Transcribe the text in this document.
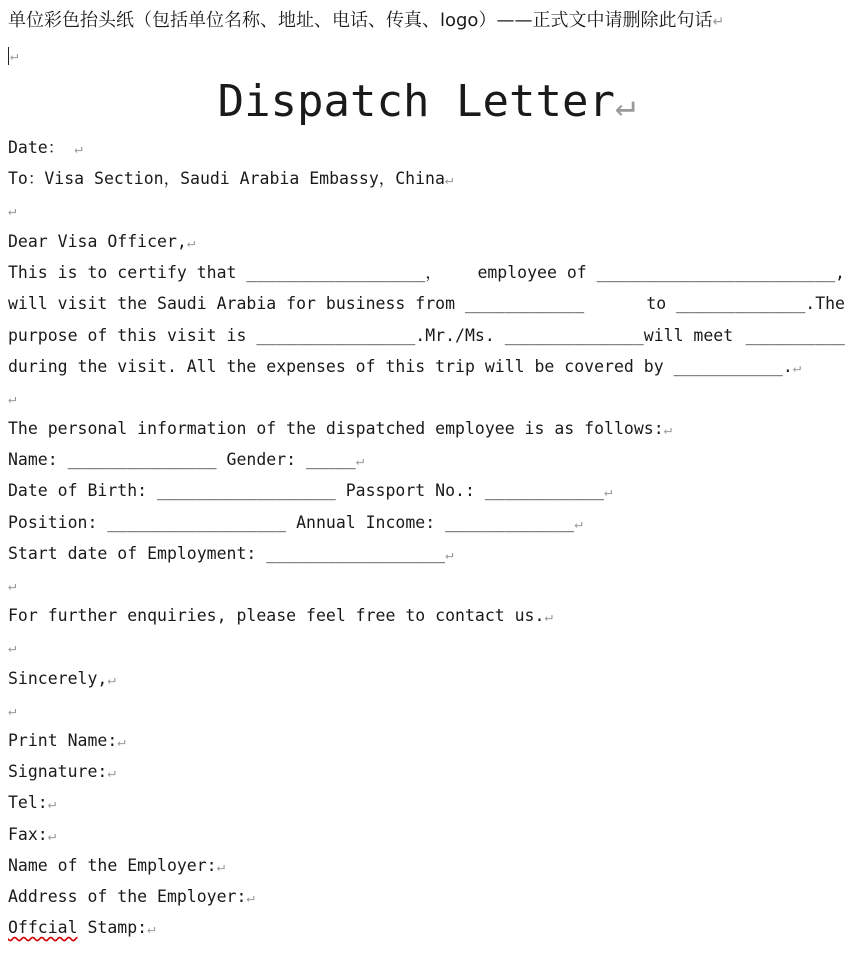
单位彩色抬头纸（包括单位名称、地址、电话、传真、logo）——正式文中请删除此句话↵
↵
Dispatch Letter↵
Date： ↵
To：Visa Section，Saudi Arabia Embassy，China↵
↵
Dear Visa Officer,↵
This is to certify that __________________， employee of ________________________,
will visit the Saudi Arabia for business from ____________	to _____________.The
purpose of this visit is ________________.Mr./Ms. ______________will meet __________
during the visit. All the expenses of this trip will be covered by ___________.↵
↵
The personal information of the dispatched employee is as follows:↵
Name: _______________ Gender: _____↵
Date of Birth: __________________ Passport No.: ____________↵
Position: __________________ Annual Income: _____________↵
Start date of Employment: __________________↵
↵
For further enquiries, please feel free to contact us.↵
↵
Sincerely,↵
↵
Print Name:↵
Signature:↵
Tel:↵
Fax:↵
Name of the Employer:↵
Address of the Employer:↵
Offcial Stamp:↵
